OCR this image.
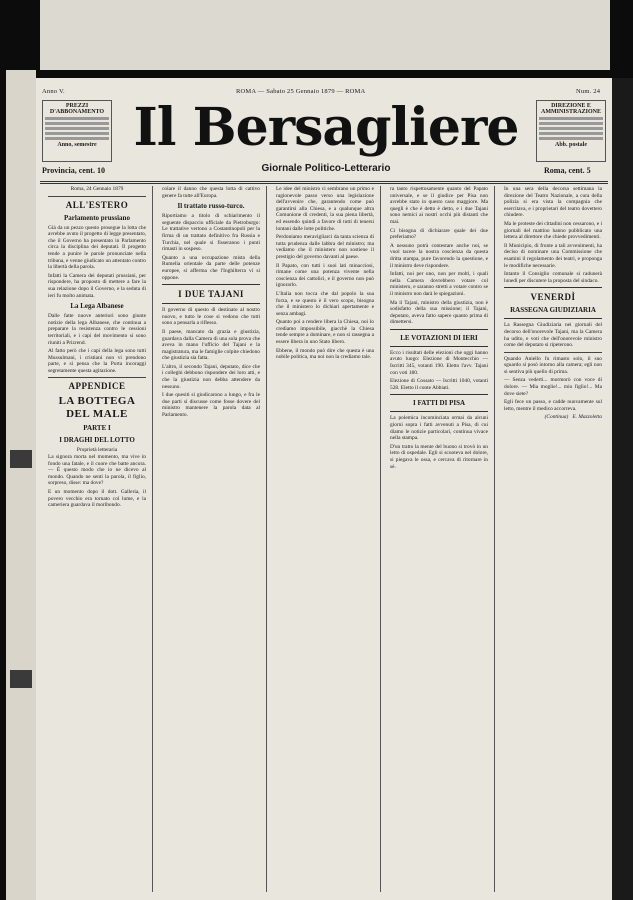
Anno V.	ROMA — Sabato 25 Gennaio 1879 — ROMA	Num. 24
PREZZI D'ABBONAMENTO
Anno, semestre
DIREZIONE E AMMINISTRAZIONE
Abb. postale
Il Bersagliere
Giornale Politico-Letterario
Provincia, cent. 10	Roma, cent. 5
Roma, 24 Gennaio 1879
ALL'ESTERO
Parlamento prussiano
Già da un pezzo questo prosegue la lotta che avrebbe avuto il progetto di legge presentato, che il Governo ha presentato in Parlamento circa la disciplina dei deputati. Il progetto tende a punire le parole pronunciate nella tribuna, e venne giudicato un attentato contro la libertà della parola.
Infatti la Camera dei deputati prussiani, per rispondere, ha proposto di mettere a fare la sua relazione dopo il Governo, e la seduta di ieri fu molto animata.
La Lega Albanese
Dalle fatte nuove anteriori sono giunte notizie della lega Albanese, che continua a preparare la resistenza contro le cessioni territoriali, e i capi del movimento si sono riuniti a Prizrend.
Al fatto però che i capi della lega sono tutti Mussulmani, i cristiani non vi prendono parte, e si pensa che la Porta incoraggi segretamente questa agitazione.
APPENDICE
LA BOTTEGA DEL MALE
PARTE I
I DRAGHI DEL LOTTO
Proprietà letteraria
La signora morta nel momento, ma vive in fondo una fatale, e il cuore che batte ancora. — È questo modo che io ne dicevo al mondo. Quando ne senti la parola, il figlio, sorpreso, disse: ma dove?
E un momento dopo il dott. Galleria, il povero vecchio era tornato col lume, e la cameriera guardava il moribondo.
colare il danno che questa lotta di cattivo genere fa tutte all'Europa.
Il trattato russo-turco.
Riportiamo a titolo di schiarimento il seguente dispaccio ufficiale da Pietroburgo: Le trattative vertono a Costantinopoli per la firma di un trattato definitivo fra Russia e Turchia, nel quale si fisseranno i punti rimasti in sospeso.
Quanto a una occupazione mista della Rumelia orientale da parte delle potenze europee, si afferma che l'Inghilterra vi si oppone.
I DUE TAJANI
Il governo di questo dì destinato al nostro nuovo, e tutto le cose si vedono che tutti sono a pensarla a riflesso.
Il paese, mancato da grazia e giustizia, guardava dalla Camera di una sola prova che aveva in mano l'ufficio del Tajani e la magistratura, ma le famiglie colpite chiedono che giustizia sia fatta.
L'altro, il secondo Tajani, deputato, dice che i colleghi debbono rispondere dei loro atti, e che la giustizia non debba attendere da nessuno.
I due quesiti si giudicarono a lungo, e fra le due parti si discusse come fosse dovere del ministro mantenere la parola data al Parlamento.
Le idee del ministro ci sembrano un primo e ragionevole passo verso una legislazione dell'avvenire che, garantendo come può garantirsi alla Chiesa, e a qualunque altra Comunione di credenti, la sua piena libertà, ed essendo quindi a favore di tutti di tenersi lontani dalle lotte politiche.
Perdoniamo meravigliarci da tanta scienza di tutta prudenza dalle labbra del ministro; ma vediamo che il ministero non sostiene il prestigio del governo davanti al paese.
Il Papato, con tutti i suoi lati minacciosi, rimane come una potenza vivente nella coscienza dei cattolici, e il governo non può ignorarlo.
L'Italia non tocca che dal popolo la sua forza, e se questo è il vero scopo, bisogna che il ministero lo dichiari apertamente e senza ambagi.
Quanto poi a rendere libera la Chiesa, noi lo crediamo impossibile, giacchè la Chiesa tende sempre a dominare, e non si rassegna a essere libera in uno Stato libero.
Ebbene, il mondo può dire che questa è una nobile politica, ma noi non la crediamo tale.
ra tanto rispettosamente quanto del Papato universale, e se il giudice per Pisa non avrebbe stato in questo caso maggiore. Ma quegli è che è detto è detto, e i due Tajani sono nemici ai nostri occhi più distanti che mai.
Ci bisogna di dichiarare quale dei due preferiamo?
A nessuno potrà contestare anche noi, se vuol tacere la nostra coscienza da questa dritta stampa, pure favorendo la questione, e il ministro deve rispondere.
Infatti, noi per uno, non per molti, i quali nella Camera dovrebbero votare col ministero, e saranno stretti a votare contro se il ministro non darà le spiegazioni.
Ma il Tajani, ministro della giustizia, non è sodisfatto della sua missione; il Tajani, deputato, aveva fatto sapere quanto prima di dimettersi.
LE VOTAZIONI DI IERI
Ecco i risultati delle elezioni che oggi hanno avuto luogo: Elezione di Montecchio — Iscritti 345, votanti 190. Eletto l'avv. Tajani con voti 180.
Elezione di Cossato — Iscritti 1040, votanti 528. Eletto il conte Abbiati.
I FATTI DI PISA
La polemica incominciata ormai da alcuni giorni sopra i fatti avvenuti a Pisa, di cui diamo le notizie particolari, continua vivace nella stampa.
D'un tratto la mente del buono si trovò in un letto di ospedale. Egli si scuoteva nel dolore, si piegava le ossa, e cercava di ritornare in sè.
In una sera della decorsa settimana la direzione del Teatro Nazionale, a cura della polizia si era vista la compagnia che esercitava, e i proprietari del teatro dovettero chiudere.
Ma le proteste dei cittadini non cessarono, e i giornali del mattino hanno pubblicato una lettera al direttore che chiede provvedimenti.
Il Municipio, di fronte a tali avvenimenti, ha deciso di nominare una Commissione che esamini il regolamento dei teatri, e proponga le modifiche necessarie.
Intanto il Consiglio comunale si radunerà lunedì per discutere la proposta del sindaco.
VENERDÌ
RASSEGNA GIUDIZIARIA
La Rassegna Giudiziaria nei giornali del decorso dell'onorevole Tajani, ma la Camera ha udito, e voti che dell'onorevole ministro come del deputato si ripeterono.
Quando Aniello fu rimasto solo, il suo sguardo si posò intorno alla camera; egli non si sentiva più quello di prima.
— Senza vederti... mormorò con voce di dolore. — Mia moglie!... mio figlio!... Ma dove siete?
Egli fece un passo, e cadde nuovamente sul letto, mentre il medico accorreva.
(Continua) E. Mazzoletta
